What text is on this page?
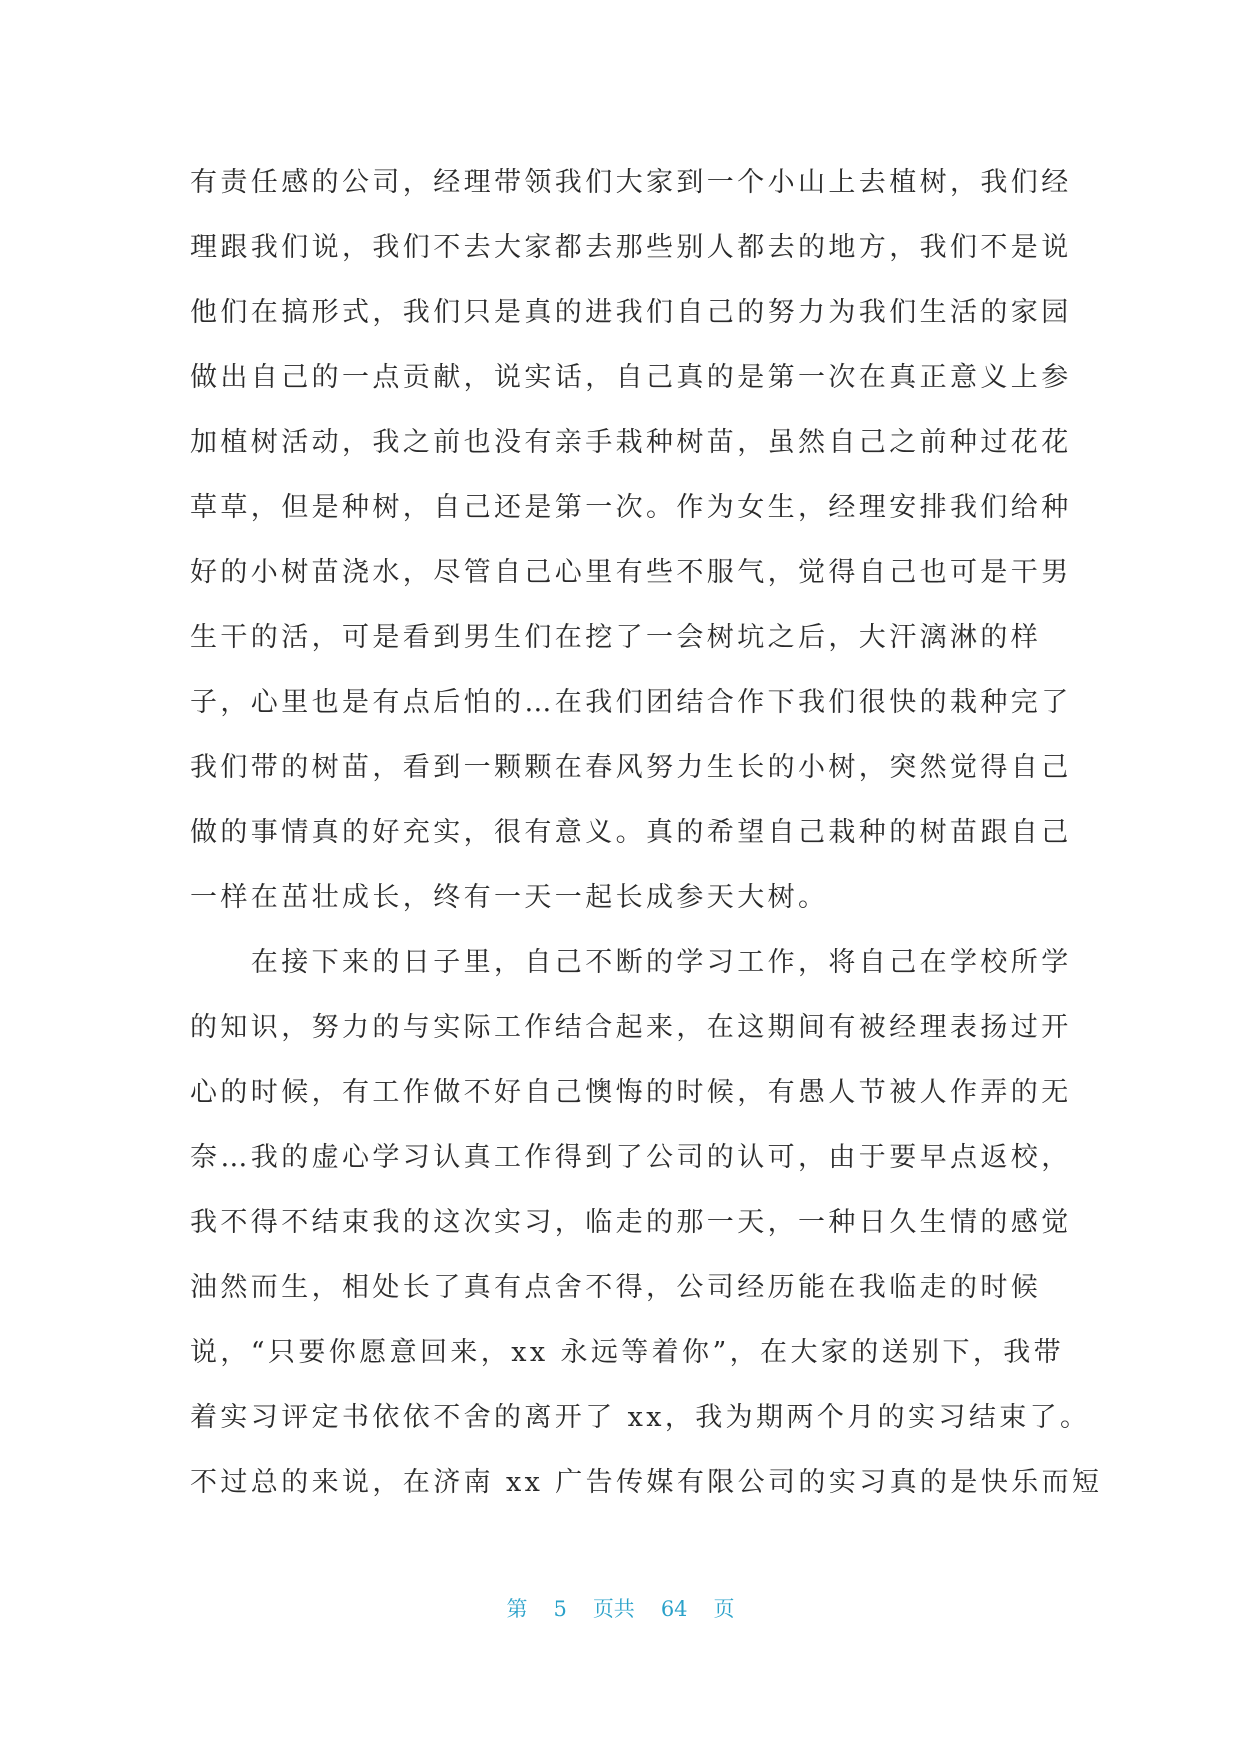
有责任感的公司，经理带领我们大家到一个小山上去植树，我们经
理跟我们说，我们不去大家都去那些别人都去的地方，我们不是说
他们在搞形式，我们只是真的进我们自己的努力为我们生活的家园
做出自己的一点贡献，说实话，自己真的是第一次在真正意义上参
加植树活动，我之前也没有亲手栽种树苗，虽然自己之前种过花花
草草，但是种树，自己还是第一次。作为女生，经理安排我们给种
好的小树苗浇水，尽管自己心里有些不服气，觉得自己也可是干男
生干的活，可是看到男生们在挖了一会树坑之后，大汗漓淋的样
子，心里也是有点后怕的…在我们团结合作下我们很快的栽种完了
我们带的树苗，看到一颗颗在春风努力生长的小树，突然觉得自己
做的事情真的好充实，很有意义。真的希望自己栽种的树苗跟自己
一样在茁壮成长，终有一天一起长成参天大树。
　　在接下来的日子里，自己不断的学习工作，将自己在学校所学
的知识，努力的与实际工作结合起来，在这期间有被经理表扬过开
心的时候，有工作做不好自己懊悔的时候，有愚人节被人作弄的无
奈…我的虚心学习认真工作得到了公司的认可，由于要早点返校，
我不得不结束我的这次实习，临走的那一天，一种日久生情的感觉
油然而生，相处长了真有点舍不得，公司经历能在我临走的时候
说，“只要你愿意回来，xx 永远等着你”，在大家的送别下，我带
着实习评定书依依不舍的离开了 xx，我为期两个月的实习结束了。
不过总的来说，在济南 xx 广告传媒有限公司的实习真的是快乐而短
第 5 页共 64 页
